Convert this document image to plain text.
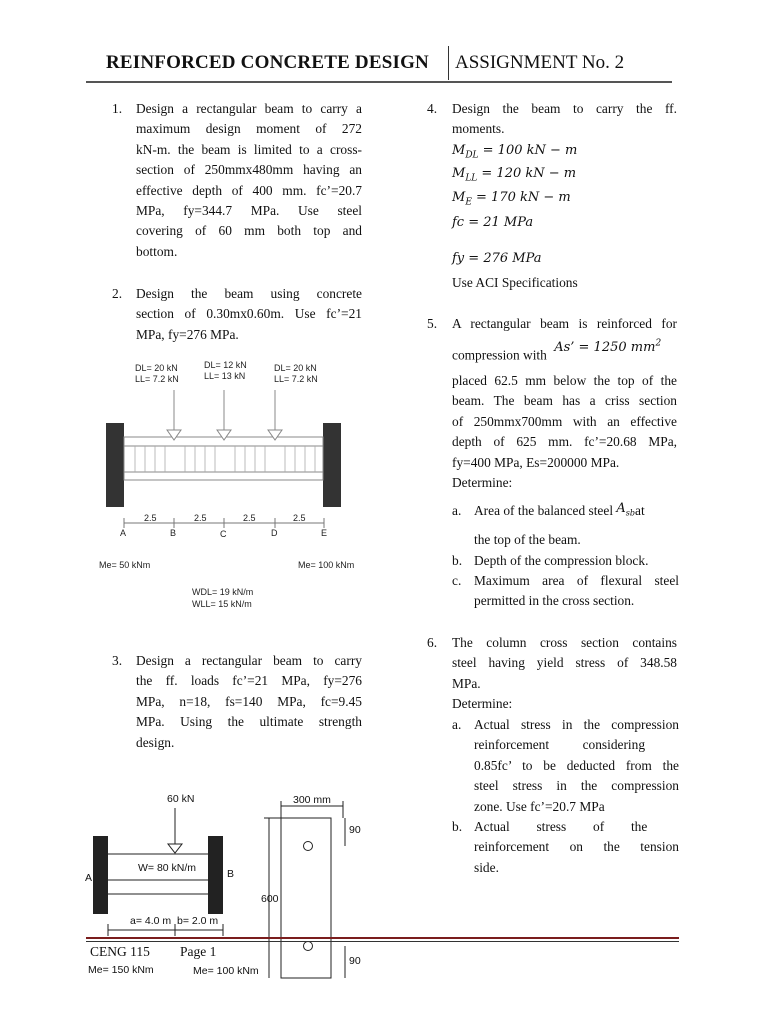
REINFORCED CONCRETE DESIGN ASSIGNMENT No. 2
1. Design a rectangular beam to carry a
maximum design moment of 272
kN-m. the beam is limited to a cross-
section of 250mmx480mm having an
effective depth of 400 mm. fc’=20.7
MPa, fy=344.7 MPa. Use steel
covering of 60 mm both top and
bottom.
2. Design the beam using concrete
section of 0.30mx0.60m. Use fc’=21
MPa, fy=276 MPa.
DL= 20 kN
LL= 7.2 kN
DL= 12 kN
LL= 13 kN
DL= 20 kN
LL= 7.2 kN
2.5	2.5	2.5	2.5
A	B	C	D	E
Me= 50 kNm	Me= 100 kNm
WDL= 19 kN/m
WLL= 15 kN/m
3. Design a rectangular beam to carry
the ff. loads fc’=21 MPa, fy=276
MPa, n=18, fs=140 MPa, fc=9.45
MPa. Using the ultimate strength
design.
60 kN
W= 80 kN/m
A	B
a= 4.0 m b= 2.0 m
300 mm
600
90
90
Me= 150 kNm	Me= 100 kNm
4. Design the beam to carry the ff.
moments.
$M_{DL} = 100$ kN − m
$M_{LL} = 120$ kN − m
$M_E = 170$ kN − m
fc = 21 MPa
fy = 276 MPa
Use ACI Specifications
5. A rectangular beam is reinforced for
compression with As’ = 1250 $mm^2$
placed 62.5 mm below the top of the
beam. The beam has a criss section
of 250mmx700mm with an effective
depth of 625 mm. fc’=20.68 MPa,
fy=400 MPa, Es=200000 MPa.
Determine:
a. Area of the balanced steel $A_{sb}at$
the top of the beam.
b. Depth of the compression block.
c. Maximum area of flexural steel
permitted in the cross section.
6. The column cross section contains
steel having yield stress of 348.58
MPa.
Determine:
a. Actual stress in the compression
reinforcement          considering
0.85fc’ to be deducted from the
steel stress in the compression
zone. Use fc’=20.7 MPa
b. Actual        stress        of        the
reinforcement on the tension
side.
CENG 115 Page 1
